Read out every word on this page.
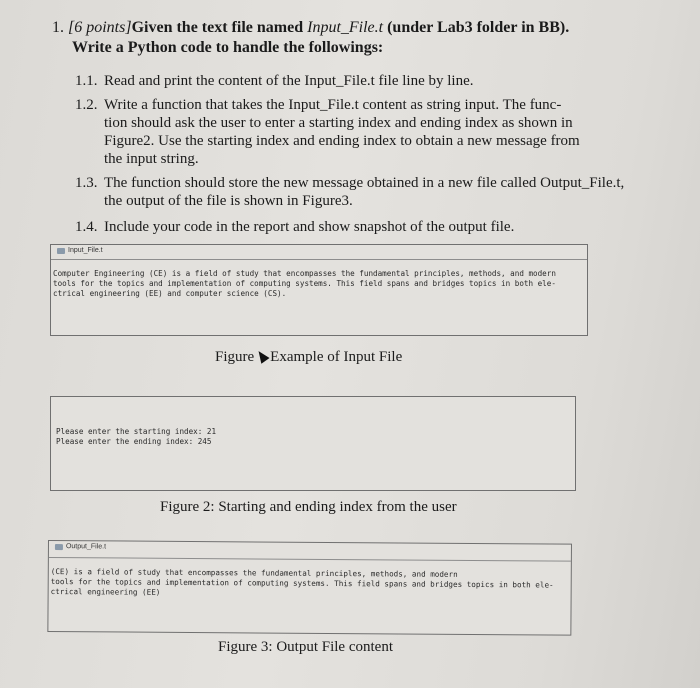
1. [6 points]Given the text file named Input_File.t (under Lab3 folder in BB).
Write a Python code to handle the followings:
1.1. Read and print the content of the Input_File.t file line by line.
1.2. Write a function that takes the Input_File.t content as string input. The func-
tion should ask the user to enter a starting index and ending index as shown in
Figure2. Use the starting index and ending index to obtain a new message from
the input string.
1.3. The function should store the new message obtained in a new file called Output_File.t,
the output of the file is shown in Figure3.
1.4. Include your code in the report and show snapshot of the output file.
Input_File.t
Computer Engineering (CE) is a field of study that encompasses the fundamental principles, methods, and modern
tools for the topics and implementation of computing systems. This field spans and bridges topics in both ele-
ctrical engineering (EE) and computer science (CS).
Figure Example of Input File
Please enter the starting index: 21
Please enter the ending index: 245
Figure 2: Starting and ending index from the user
Output_File.t
(CE) is a field of study that encompasses the fundamental principles, methods, and modern
tools for the topics and implementation of computing systems. This field spans and bridges topics in both ele-
ctrical engineering (EE)
Figure 3: Output File content
